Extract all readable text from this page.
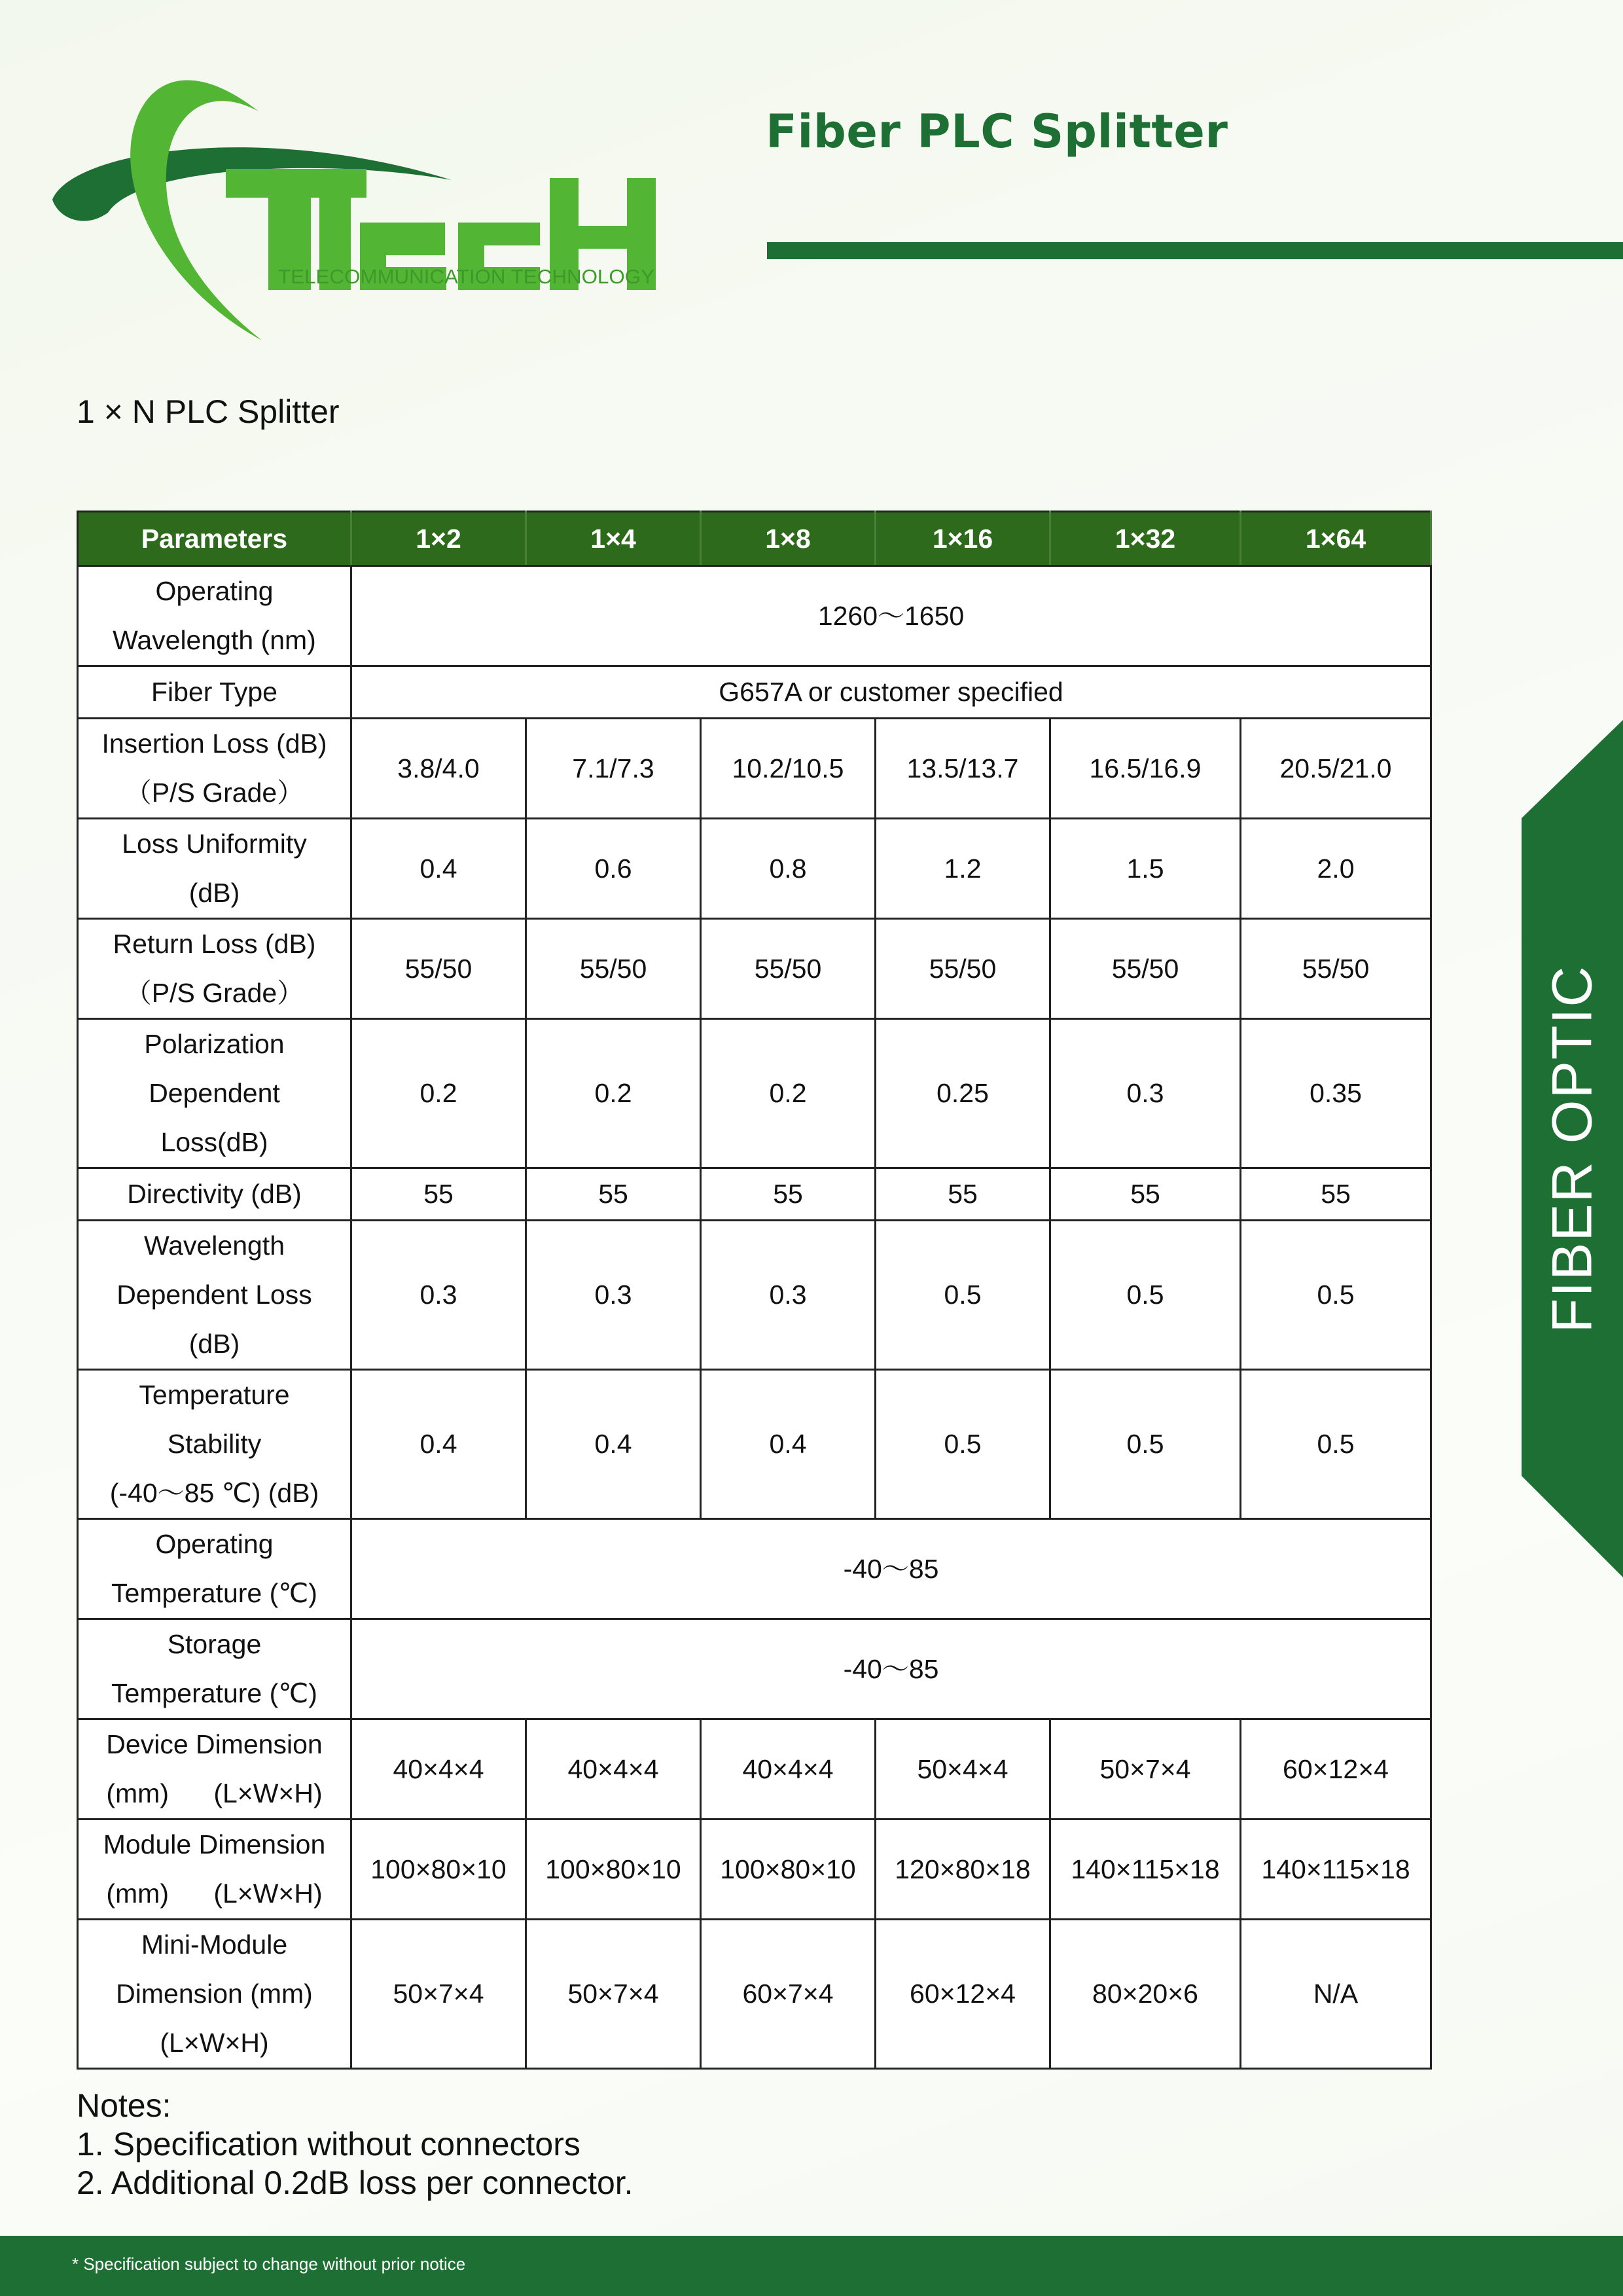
TELECOMMUNICATION TECHNOLOGY
Fiber PLC Splitter
1 × N PLC Splitter
Parameters	1×2	1×4	1×8	1×16	1×32	1×64

Operating
Wavelength (nm)	1260～1650					

Fiber Type	G657A or customer specified					

Insertion Loss (dB)
（P/S Grade）	3.8/4.0	7.1/7.3	10.2/10.5	13.5/13.7	16.5/16.9	20.5/21.0

Loss Uniformity
(dB)	0.4	0.6	0.8	1.2	1.5	2.0

Return Loss (dB)
（P/S Grade）	55/50	55/50	55/50	55/50	55/50	55/50

Polarization
Dependent
Loss(dB)	0.2	0.2	0.2	0.25	0.3	0.35

Directivity (dB)	55	55	55	55	55	55

Wavelength
Dependent Loss
(dB)	0.3	0.3	0.3	0.5	0.5	0.5

Temperature
Stability
(-40～85 ℃) (dB)	0.4	0.4	0.4	0.5	0.5	0.5

Operating
Temperature (℃)	-40～85					

Storage
Temperature (℃)	-40～85					

Device Dimension
(mm)      (L×W×H)	40×4×4	40×4×4	40×4×4	50×4×4	50×7×4	60×12×4

Module Dimension
(mm)      (L×W×H)	100×80×10	100×80×10	100×80×10	120×80×18	140×115×18	140×115×18

Mini-Module
Dimension (mm)
(L×W×H)	50×7×4	50×7×4	60×7×4	60×12×4	80×20×6	N/A
FIBER OPTIC
Notes:
1. Specification without connectors
2. Additional 0.2dB loss per connector.
* Specification subject to change without prior notice
